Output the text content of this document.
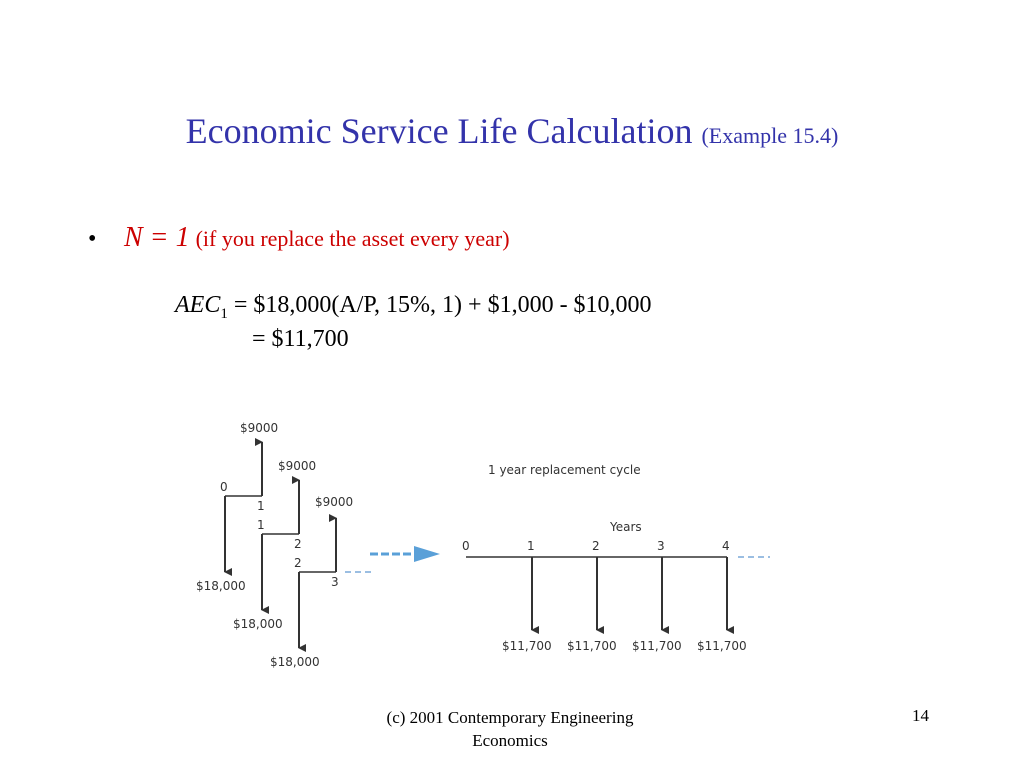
Economic Service Life Calculation (Example 15.4)
• N = 1 (if you replace the asset every year)
$AEC_1$ = $18,000(A/P, 15%, 1) + $1,000 - $10,000
= $11,700
$9000
$18,000
0
1
$9000
$18,000
1
2
$9000
$18,000
2
3
1 year replacement cycle
Years
0	1	2	3	4
$11,700 $11,700 $11,700 $11,700
(c) 2001 Contemporary Engineering Economics
14
